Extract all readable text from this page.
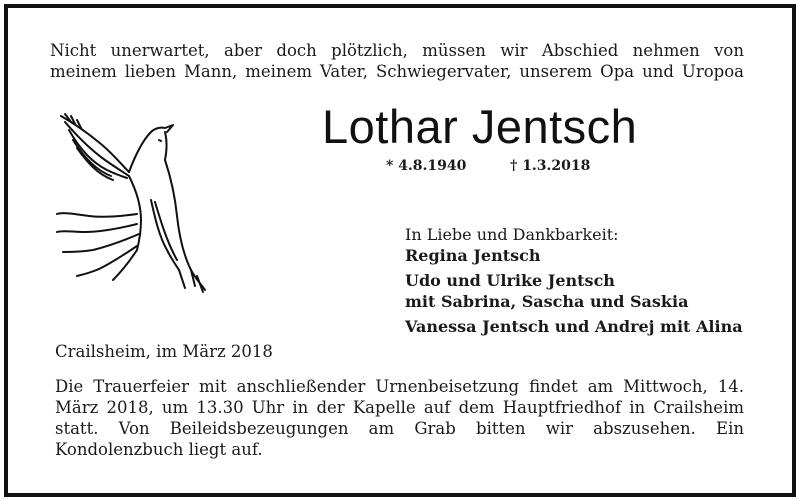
Nicht unerwartet, aber doch plötzlich, müssen wir Abschied nehmen von

meinem lieben Mann, meinem Vater, Schwiegervater, unserem Opa und Uropoa

Lothar Jentsch
* 4.8.1940	† 1.3.2018
In Liebe und Dankbarkeit:
Regina Jentsch
Udo und Ulrike Jentsch
mit Sabrina, Sascha und Saskia
Vanessa Jentsch und Andrej mit Alina
Crailsheim, im März 2018

Die Trauerfeier mit anschließender Urnenbeisetzung findet am Mittwoch, 14. März 2018, um 13.30 Uhr in der Kapelle auf dem Hauptfriedhof in Crailsheim statt. Von Beileidsbezeugungen am Grab bitten wir abszusehen. Ein Kondolenzbuch liegt auf.
